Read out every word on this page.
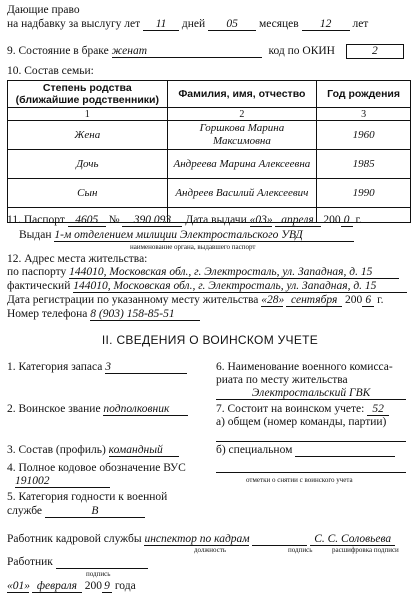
Дающие право
на надбавку за выслугу лет 11 дней 05 месяцев 12 лет
9. Состояние в браке женат	код по ОКИН	2
10. Состав семьи:
Степень родства (ближайшие родственники)	Фамилия, имя, отчество	Год рождения
1	2	3
Жена	Горшкова Марина Максимовна	1960
Дочь	Андреева Марина Алексеевна	1985
Сын	Андреев Василий Алексеевич	1990

11. Паспорт 4605 № 390 093 Дата выдачи «03» апреля 200 0 г.
Выдан 1-м отделением милиции Электростальского УВД
наименование органа, выдавшего паспорт
12. Адрес места жительства:
по паспорту 144010, Московская обл., г. Электросталь, ул. Западная, д. 15
фактический 144010, Московская обл., г. Электросталь, ул. Западная, д. 15
Дата регистрации по указанному месту жительства «28» сентября 200 6 г.
Номер телефона 8 (903) 158-85-51
II. СВЕДЕНИЯ О ВОИНСКОМ УЧЕТЕ
1. Категория запаса 3
2. Воинское звание подполковник
3. Состав (профиль) командный
4. Полное кодовое обозначение ВУС
191002
5. Категория годности к военной
службе	В
6. Наименование военного комисса-
риата по месту жительства
Электростальский ГВК
7. Состоит на воинском учете: 52
а) общем (номер команды, партии)
б) специальном
отметки о снятии с воинского учета
Работник кадровой службы инспектор по кадрам	С. С. Соловьева
должность	подпись	расшифровка подписи
Работник
подпись
«01» февраля 200 9 года
